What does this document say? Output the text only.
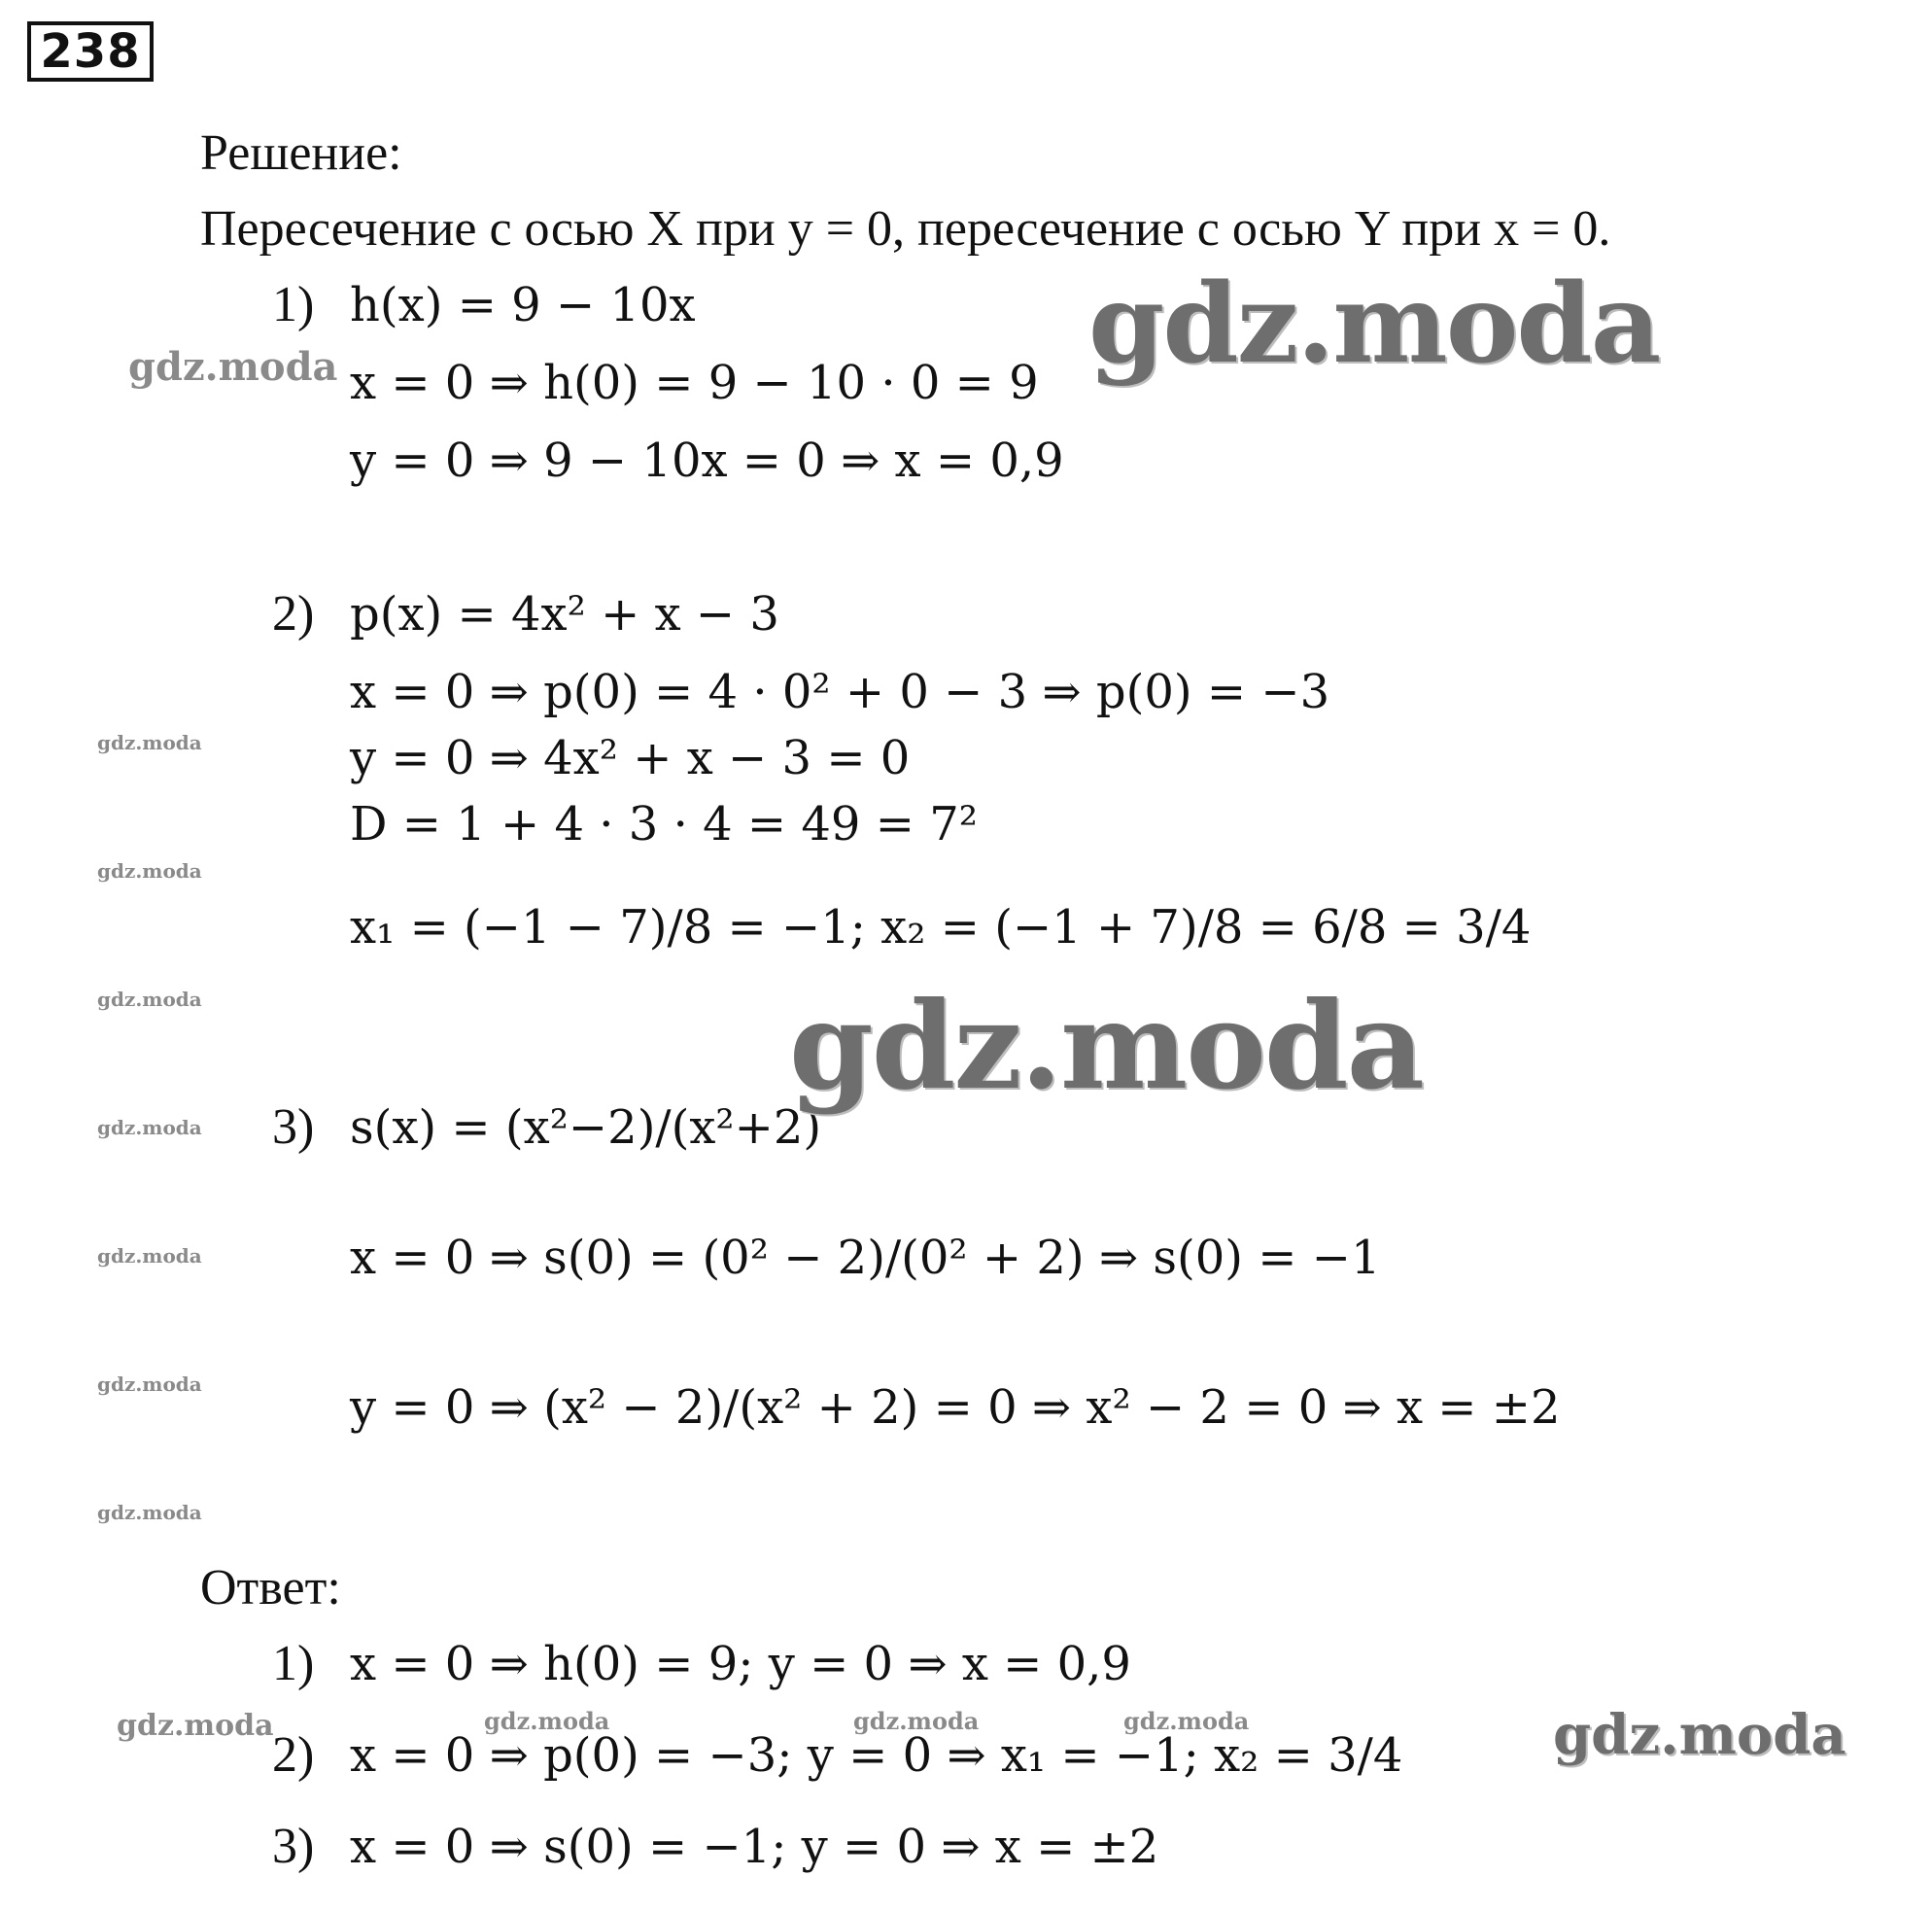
238
Решение:
Пересечение с осью X при y = 0, пересечение с осью Y при x = 0.
1) h(x) = 9 − 10x
x = 0 ⇒ h(0) = 9 − 10 · 0 = 9
y = 0 ⇒ 9 − 10x = 0 ⇒ x = 0,9
2) p(x) = 4x² + x − 3
x = 0 ⇒ p(0) = 4 · 0² + 0 − 3 ⇒ p(0) = −3
y = 0 ⇒ 4x² + x − 3 = 0
D = 1 + 4 · 3 · 4 = 49 = 7²
x₁ = (−1 − 7)/8 = −1; x₂ = (−1 + 7)/8 = 6/8 = 3/4
3) s(x) = (x²−2)/(x²+2)
x = 0 ⇒ s(0) = (0² − 2)/(0² + 2) ⇒ s(0) = −1
y = 0 ⇒ (x² − 2)/(x² + 2) = 0 ⇒ x² − 2 = 0 ⇒ x = ±2
Ответ:
1) x = 0 ⇒ h(0) = 9; y = 0 ⇒ x = 0,9
2) x = 0 ⇒ p(0) = −3; y = 0 ⇒ x₁ = −1; x₂ = 3/4
3) x = 0 ⇒ s(0) = −1; y = 0 ⇒ x = ±2
gdz.moda
gdz.moda
gdz.moda
gdz.moda
gdz.moda
gdz.moda
gdz.moda
gdz.moda
gdz.moda
gdz.moda
gdz.moda
gdz.moda	gdz.moda	gdz.moda	gdz.moda
